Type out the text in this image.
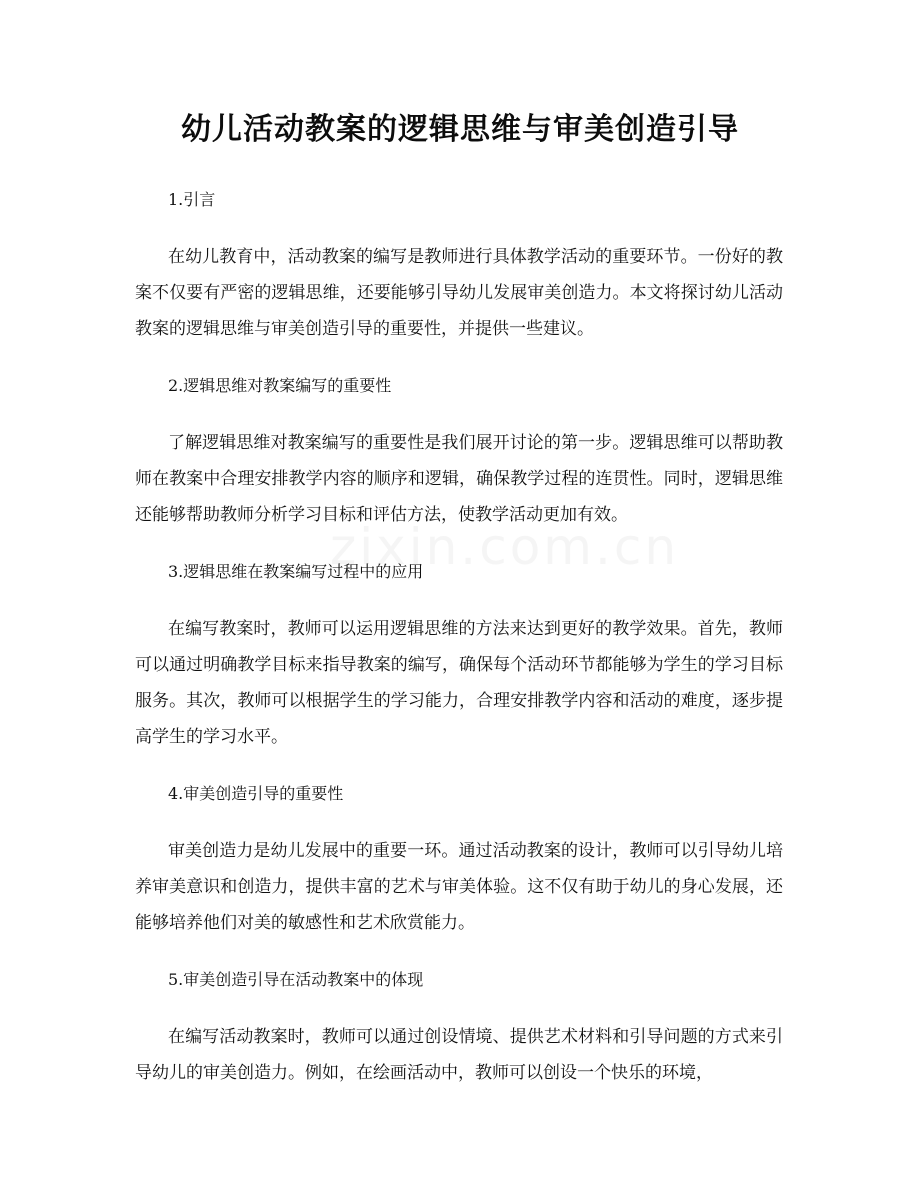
zixin.com.cn
幼儿活动教案的逻辑思维与审美创造引导

1.引言

在幼儿教育中，活动教案的编写是教师进行具体教学活动的重要环节。一份好的教案不仅要有严密的逻辑思维，还要能够引导幼儿发展审美创造力。本文将探讨幼儿活动教案的逻辑思维与审美创造引导的重要性，并提供一些建议。

2.逻辑思维对教案编写的重要性

了解逻辑思维对教案编写的重要性是我们展开讨论的第一步。逻辑思维可以帮助教师在教案中合理安排教学内容的顺序和逻辑，确保教学过程的连贯性。同时，逻辑思维还能够帮助教师分析学习目标和评估方法，使教学活动更加有效。

3.逻辑思维在教案编写过程中的应用

在编写教案时，教师可以运用逻辑思维的方法来达到更好的教学效果。首先，教师可以通过明确教学目标来指导教案的编写，确保每个活动环节都能够为学生的学习目标服务。其次，教师可以根据学生的学习能力，合理安排教学内容和活动的难度，逐步提高学生的学习水平。

4.审美创造引导的重要性

审美创造力是幼儿发展中的重要一环。通过活动教案的设计，教师可以引导幼儿培养审美意识和创造力，提供丰富的艺术与审美体验。这不仅有助于幼儿的身心发展，还能够培养他们对美的敏感性和艺术欣赏能力。

5.审美创造引导在活动教案中的体现

在编写活动教案时，教师可以通过创设情境、提供艺术材料和引导问题的方式来引导幼儿的审美创造力。例如，在绘画活动中，教师可以创设一个快乐的环境，
